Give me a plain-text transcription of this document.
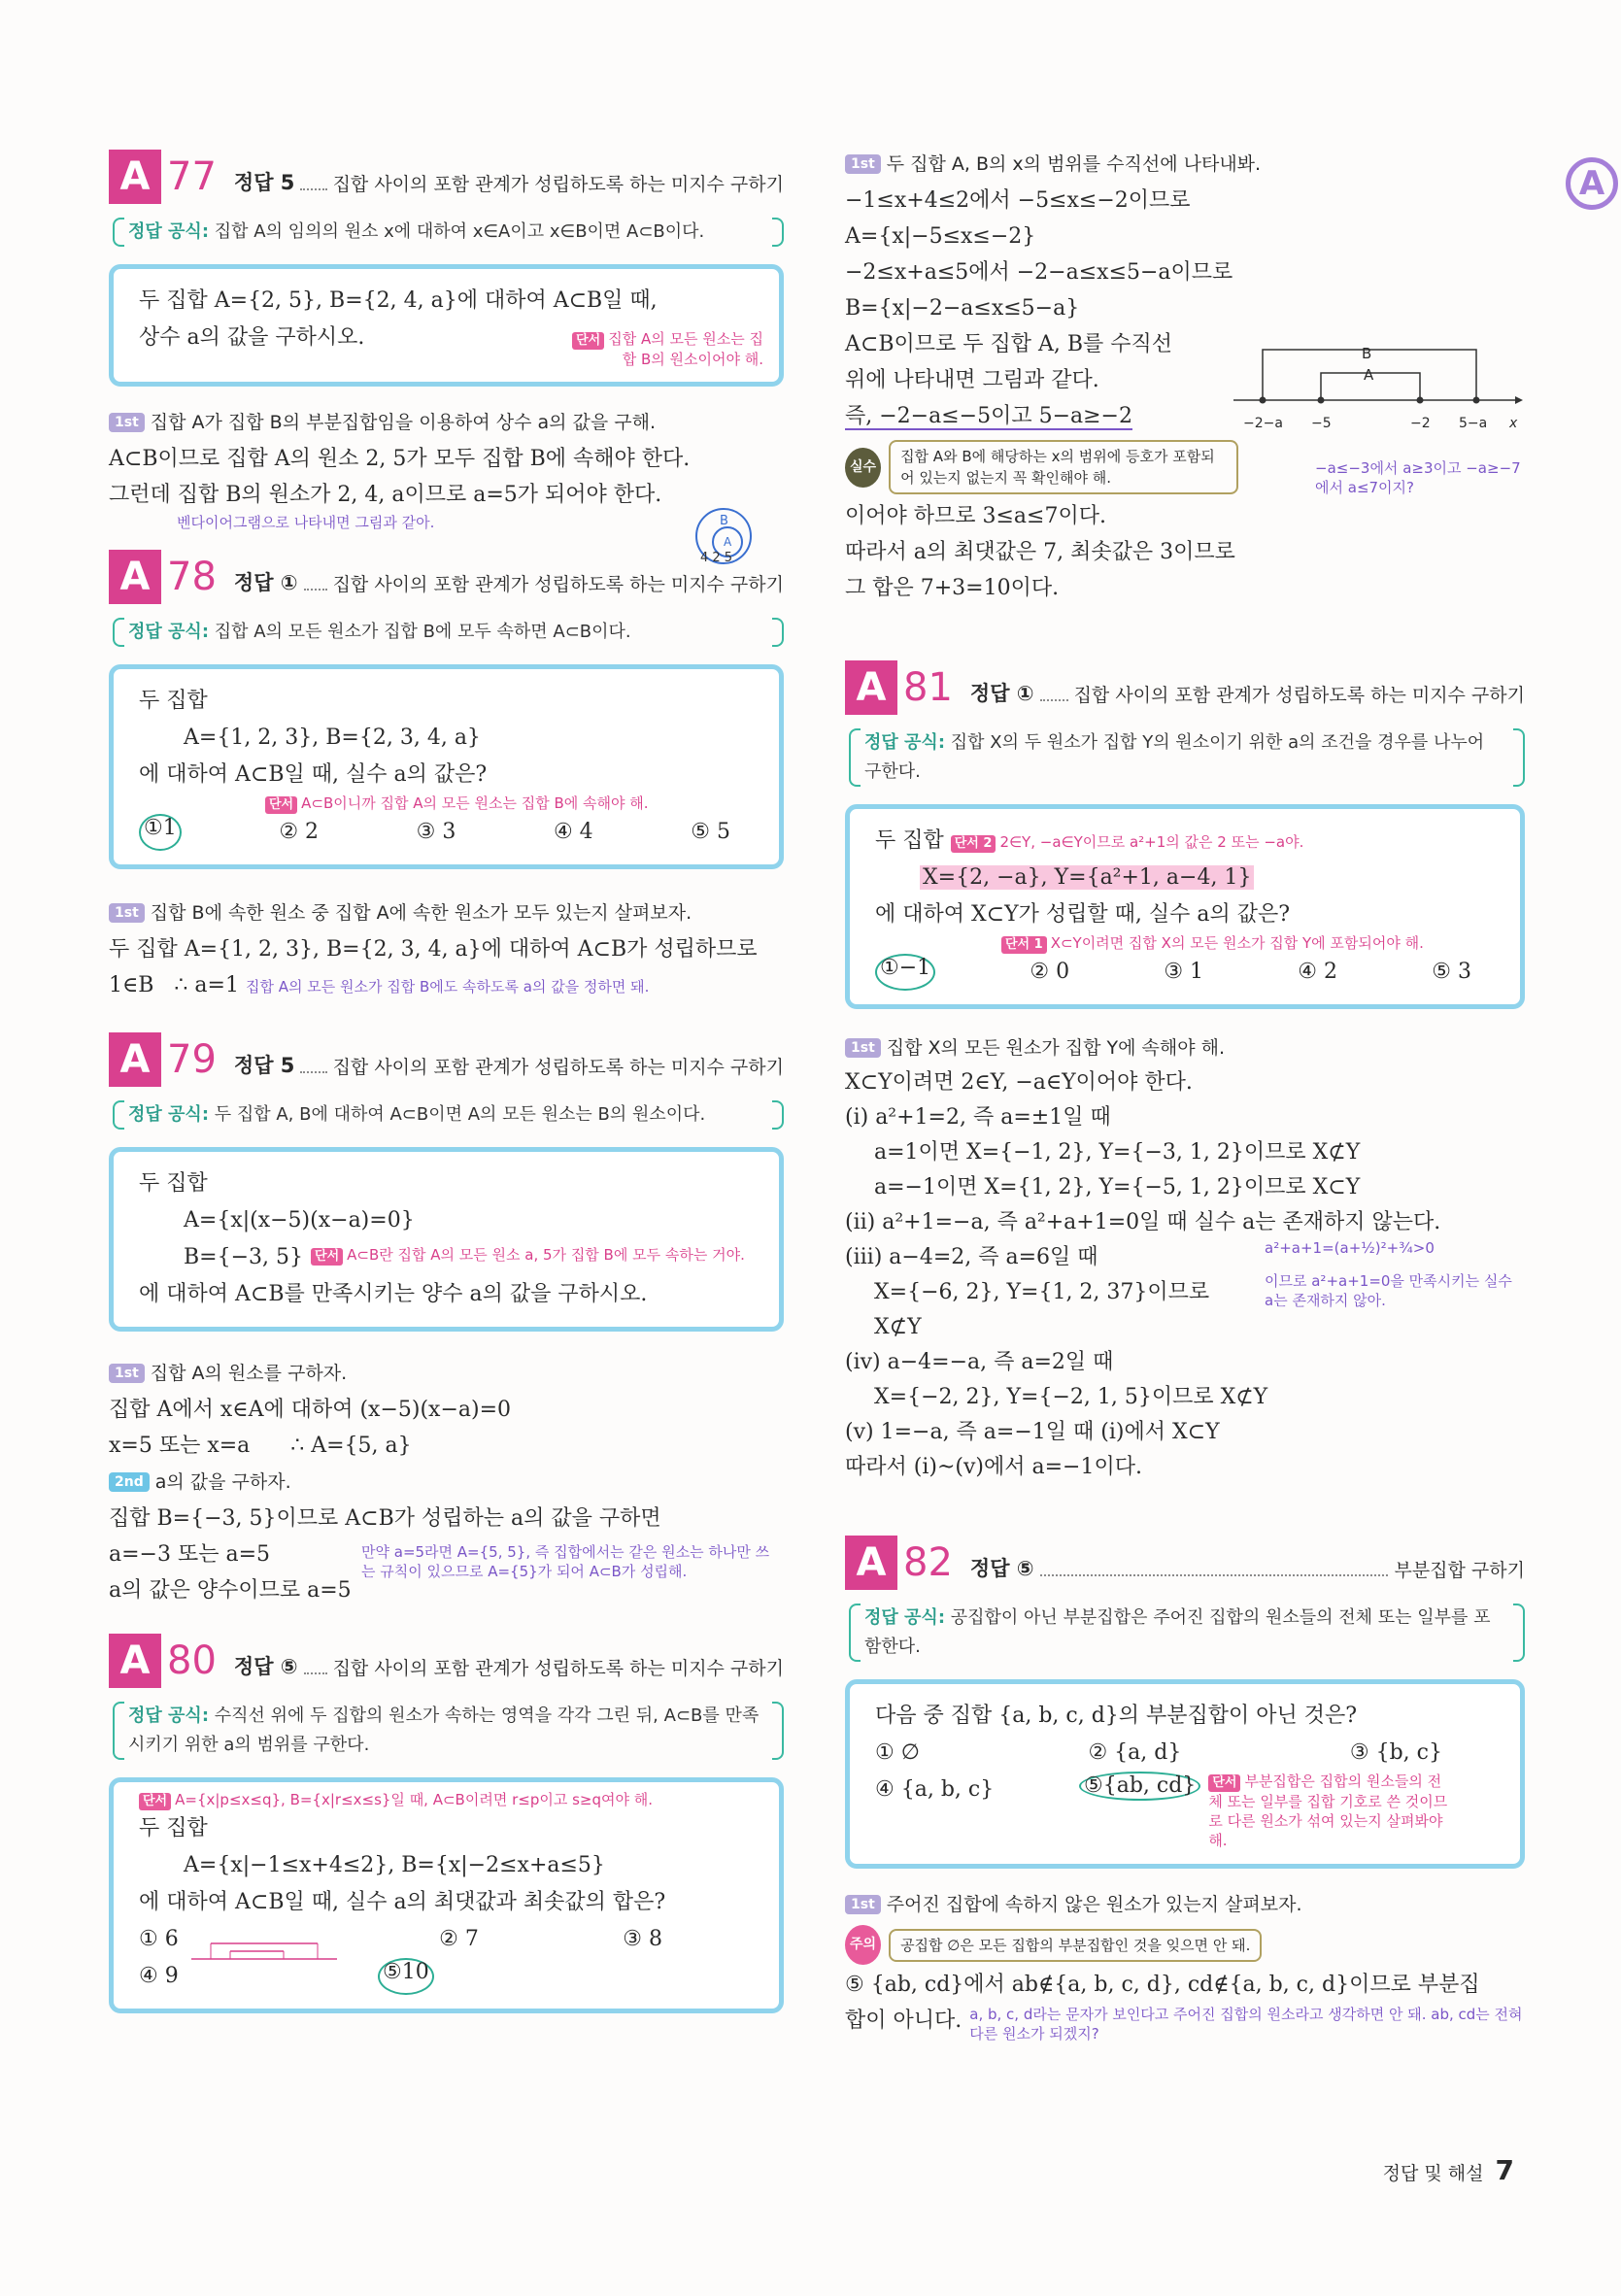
A
A 77 정답 5 집합 사이의 포함 관계가 성립하도록 하는 미지수 구하기
정답 공식: 집합 A의 임의의 원소 x에 대하여 x∈A이고 x∈B이면 A⊂B이다.
두 집합 A={2, 5}, B={2, 4, a}에 대하여 A⊂B일 때,
상수 a의 값을 구하시오.	단서 집합 A의 모든 원소는 집합 B의 원소이어야 해.
1st 집합 A가 집합 B의 부분집합임을 이용하여 상수 a의 값을 구해.
A⊂B이므로 집합 A의 원소 2, 5가 모두 집합 B에 속해야 한다.
그런데 집합 B의 원소가 2, 4, a이므로 a=5가 되어야 한다.
벤다이어그램으로 나타내면 그림과 같아.	B
A
4 2 5
A 78 정답 ① 집합 사이의 포함 관계가 성립하도록 하는 미지수 구하기
정답 공식: 집합 A의 모든 원소가 집합 B에 모두 속하면 A⊂B이다.
두 집합
A={1, 2, 3}, B={2, 3, 4, a}
에 대하여 A⊂B일 때, 실수 a의 값은?
단서 A⊂B이니까 집합 A의 모든 원소는 집합 B에 속해야 해.
①1	② 2	③ 3	④ 4	⑤ 5
1st 집합 B에 속한 원소 중 집합 A에 속한 원소가 모두 있는지 살펴보자.
두 집합 A={1, 2, 3}, B={2, 3, 4, a}에 대하여 A⊂B가 성립하므로
1∈B   ∴ a=1 집합 A의 모든 원소가 집합 B에도 속하도록 a의 값을 정하면 돼.
A 79 정답 5 집합 사이의 포함 관계가 성립하도록 하는 미지수 구하기
정답 공식: 두 집합 A, B에 대하여 A⊂B이면 A의 모든 원소는 B의 원소이다.
두 집합
A={x|(x−5)(x−a)=0}
B={−3, 5} 단서 A⊂B란 집합 A의 모든 원소 a, 5가 집합 B에 모두 속하는 거야.
에 대하여 A⊂B를 만족시키는 양수 a의 값을 구하시오.
1st 집합 A의 원소를 구하자.
집합 A에서 x∈A에 대하여 (x−5)(x−a)=0
x=5 또는 x=a      ∴ A={5, a}
2nd a의 값을 구하자.
집합 B={−3, 5}이므로 A⊂B가 성립하는 a의 값을 구하면
a=−3 또는 a=5
a의 값은 양수이므로 a=5
만약 a=5라면 A={5, 5}, 즉 집합에서는 같은 원소는 하나만 쓰는 규칙이 있으므로 A={5}가 되어 A⊂B가 성립해.
A 80 정답 ⑤ 집합 사이의 포함 관계가 성립하도록 하는 미지수 구하기
정답 공식: 수직선 위에 두 집합의 원소가 속하는 영역을 각각 그린 뒤, A⊂B를 만족시키기 위한 a의 범위를 구한다.
단서 A={x|p≤x≤q}, B={x|r≤x≤s}일 때, A⊂B이려면 r≤p이고 s≥q여야 해.
두 집합
A={x|−1≤x+4≤2}, B={x|−2≤x+a≤5}
에 대하여 A⊂B일 때, 실수 a의 최댓값과 최솟값의 합은?
① 6	② 7	③ 8
④ 9	⑤10
1st 두 집합 A, B의 x의 범위를 수직선에 나타내봐.
−1≤x+4≤2에서 −5≤x≤−2이므로
A={x|−5≤x≤−2}
−2≤x+a≤5에서 −2−a≤x≤5−a이므로
B={x|−2−a≤x≤5−a}
A⊂B이므로 두 집합 A, B를 수직선
위에 나타내면 그림과 같다.
즉, −2−a≤−5이고 5−a≥−2
B
A
−2−a −5	−2 5−a x
−a≤−3에서 a≥3이고 −a≥−7에서 a≤7이지?
실수
집합 A와 B에 해당하는 x의 범위에 등호가 포함되어 있는지 없는지 꼭 확인해야 해.
이어야 하므로 3≤a≤7이다.
따라서 a의 최댓값은 7, 최솟값은 3이므로
그 합은 7+3=10이다.
A 81 정답 ① 집합 사이의 포함 관계가 성립하도록 하는 미지수 구하기
정답 공식: 집합 X의 두 원소가 집합 Y의 원소이기 위한 a의 조건을 경우를 나누어 구한다.
두 집합 단서 2 2∈Y, −a∈Y이므로 a²+1의 값은 2 또는 −a야.
X={2, −a}, Y={a²+1, a−4, 1}
에 대하여 X⊂Y가 성립할 때, 실수 a의 값은?
단서 1 X⊂Y이려면 집합 X의 모든 원소가 집합 Y에 포함되어야 해.
①−1	② 0	③ 1	④ 2	⑤ 3
1st 집합 X의 모든 원소가 집합 Y에 속해야 해.
X⊂Y이려면 2∈Y, −a∈Y이어야 한다.
(ⅰ) a²+1=2, 즉 a=±1일 때
a=1이면 X={−1, 2}, Y={−3, 1, 2}이므로 X⊄Y
a=−1이면 X={1, 2}, Y={−5, 1, 2}이므로 X⊂Y
(ⅱ) a²+1=−a, 즉 a²+a+1=0일 때 실수 a는 존재하지 않는다.
(ⅲ) a−4=2, 즉 a=6일 때
X={−6, 2}, Y={1, 2, 37}이므로
X⊄Y
(ⅳ) a−4=−a, 즉 a=2일 때
X={−2, 2}, Y={−2, 1, 5}이므로 X⊄Y
(ⅴ) 1=−a, 즉 a=−1일 때 (ⅰ)에서 X⊂Y
따라서 (ⅰ)~(ⅴ)에서 a=−1이다.
a²+a+1=(a+½)²+¾>0
이므로 a²+a+1=0을 만족시키는 실수 a는 존재하지 않아.
A 82 정답 ⑤	부분집합 구하기
정답 공식: 공집합이 아닌 부분집합은 주어진 집합의 원소들의 전체 또는 일부를 포함한다.
다음 중 집합 {a, b, c, d}의 부분집합이 아닌 것은?
① ∅	② {a, d}	③ {b, c}
④ {a, b, c}	⑤{ab, cd}	단서 부분집합은 집합의 원소들의 전체 또는 일부를 집합 기호로 쓴 것이므로 다른 원소가 섞여 있는지 살펴봐야 해.
1st 주어진 집합에 속하지 않은 원소가 있는지 살펴보자.
주의	공집합 ∅은 모든 집합의 부분집합인 것을 잊으면 안 돼.
⑤ {ab, cd}에서 ab∉{a, b, c, d}, cd∉{a, b, c, d}이므로 부분집
합이 아니다. a, b, c, d라는 문자가 보인다고 주어진 집합의 원소라고 생각하면 안 돼. ab, cd는 전혀 다른 원소가 되겠지?
정답 및 해설 7
